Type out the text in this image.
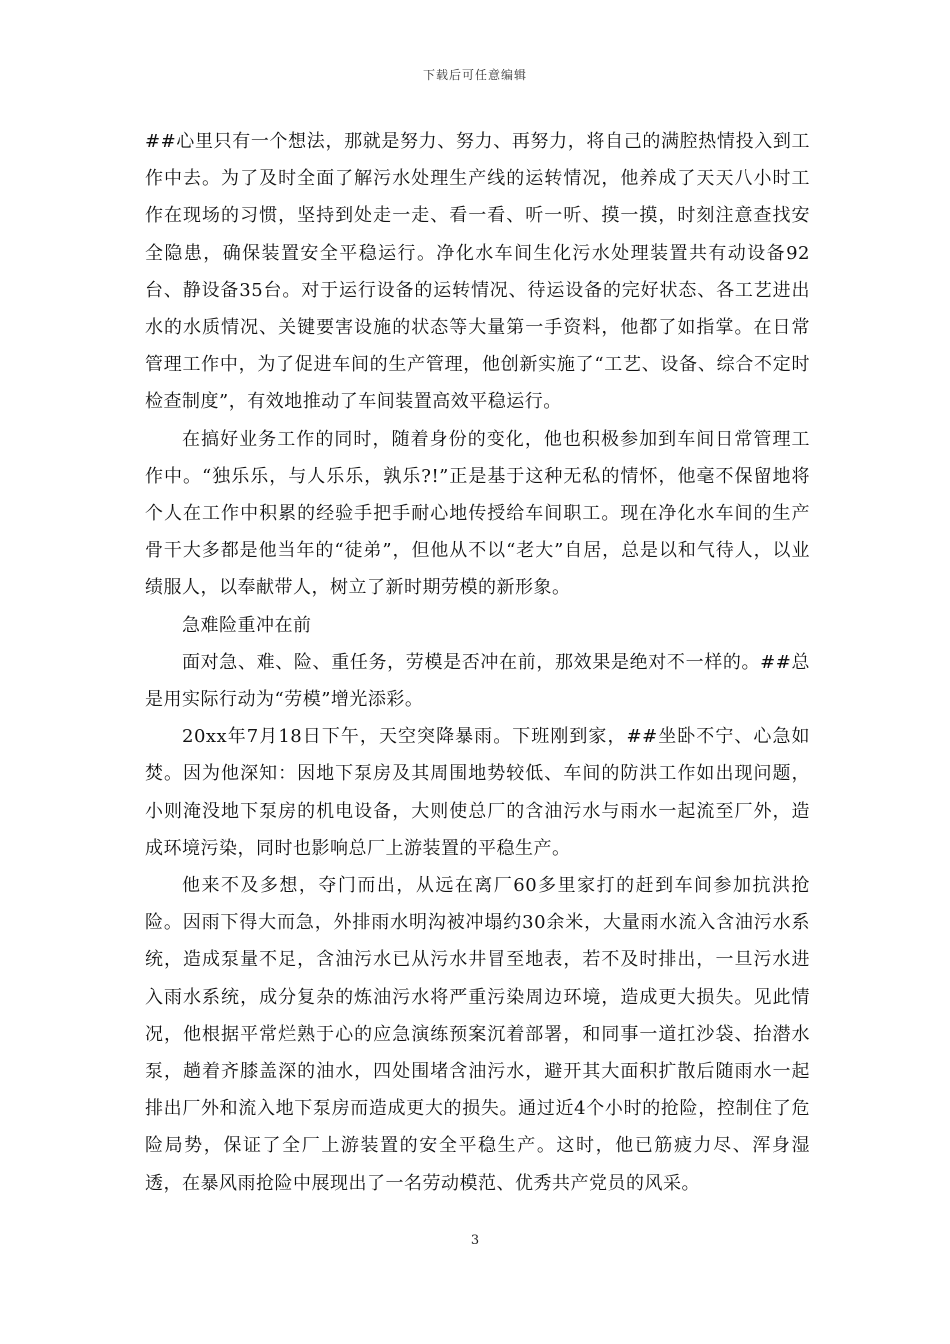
下载后可任意编辑

##心里只有一个想法，那就是努力、努力、再努力，将自己的满腔热情投入到工作中去。为了及时全面了解污水处理生产线的运转情况，他养成了天天八小时工作在现场的习惯，坚持到处走一走、看一看、听一听、摸一摸，时刻注意查找安全隐患，确保装置安全平稳运行。净化水车间生化污水处理装置共有动设备92台、静设备35台。对于运行设备的运转情况、待运设备的完好状态、各工艺进出水的水质情况、关键要害设施的状态等大量第一手资料，他都了如指掌。在日常管理工作中，为了促进车间的生产管理，他创新实施了“工艺、设备、综合不定时检查制度”，有效地推动了车间装置高效平稳运行。

在搞好业务工作的同时，随着身份的变化，他也积极参加到车间日常管理工作中。“独乐乐，与人乐乐，孰乐?!”正是基于这种无私的情怀，他毫不保留地将个人在工作中积累的经验手把手耐心地传授给车间职工。现在净化水车间的生产骨干大多都是他当年的“徒弟”，但他从不以“老大”自居，总是以和气待人，以业绩服人，以奉献带人，树立了新时期劳模的新形象。

急难险重冲在前

面对急、难、险、重任务，劳模是否冲在前，那效果是绝对不一样的。##总是用实际行动为“劳模”增光添彩。

20xx年7月18日下午，天空突降暴雨。下班刚到家，##坐卧不宁、心急如焚。因为他深知：因地下泵房及其周围地势较低、车间的防洪工作如出现问题，小则淹没地下泵房的机电设备，大则使总厂的含油污水与雨水一起流至厂外，造成环境污染，同时也影响总厂上游装置的平稳生产。

他来不及多想，夺门而出，从远在离厂60多里家打的赶到车间参加抗洪抢险。因雨下得大而急，外排雨水明沟被冲塌约30余米，大量雨水流入含油污水系统，造成泵量不足，含油污水已从污水井冒至地表，若不及时排出，一旦污水进入雨水系统，成分复杂的炼油污水将严重污染周边环境，造成更大损失。见此情况，他根据平常烂熟于心的应急演练预案沉着部署，和同事一道扛沙袋、抬潜水泵，趟着齐膝盖深的油水，四处围堵含油污水，避开其大面积扩散后随雨水一起排出厂外和流入地下泵房而造成更大的损失。通过近4个小时的抢险，控制住了危险局势，保证了全厂上游装置的安全平稳生产。这时，他已筋疲力尽、浑身湿透，在暴风雨抢险中展现出了一名劳动模范、优秀共产党员的风采。

3
